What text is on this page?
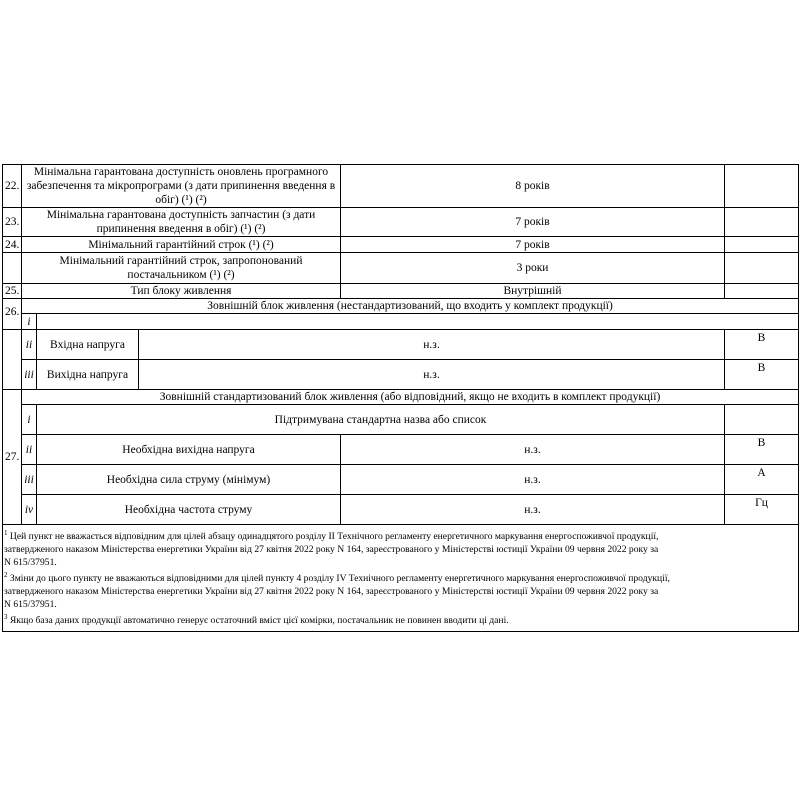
22.	Мінімальна гарантована доступність оновлень програмного забезпечення та мікропрограми (з дати припинення введення в обіг) (¹) (²)			8 років	
23.	Мінімальна гарантована доступність запчастин (з дати припинення введення в обіг) (¹) (²)			7 років	
24.	Мінімальний гарантійний строк (¹) (²)			7 років	
	Мінімальний гарантійний строк, запропонований постачальником (¹) (²)			3 роки	
25.	Тип блоку живлення			Внутрішній	
26.	Зовнішній блок живлення (нестандартизований, що входить у комплект продукції)				
	i				
	ii	Вхідна напруга	н.з.		В
	iii	Вихідна напруга	н.з.		В
27.	Зовнішній стандартизований блок живлення (або відповідний, якщо не входить в комплект продукції)				
	i	Підтримувана стандартна назва або список			
	ii	Необхідна вихідна напруга		н.з.	В
	iii	Необхідна сила струму (мінімум)		н.з.	А
	iv	Необхідна частота струму		н.з.	Гц

$^1$ Цей пункт не вважається відповідним для цілей абзацу одинадцятого розділу II Технічного регламенту енергетичного маркування енергоспоживчої продукції,

затвердженого наказом Міністерства енергетики України від 27 квітня 2022 року N 164, зареєстрованого у Міністерстві юстиції України 09 червня 2022 року за

N 615/37951.

$^2$ Зміни до цього пункту не вважаються відповідними для цілей пункту 4 розділу IV Технічного регламенту енергетичного маркування енергоспоживчої продукції,

затвердженого наказом Міністерства енергетики України від 27 квітня 2022 року N 164, зареєстрованого у Міністерстві юстиції України 09 червня 2022 року за

N 615/37951.

$^3$ Якщо база даних продукції автоматично генерує остаточний вміст цієї комірки, постачальник не повинен вводити ці дані.
